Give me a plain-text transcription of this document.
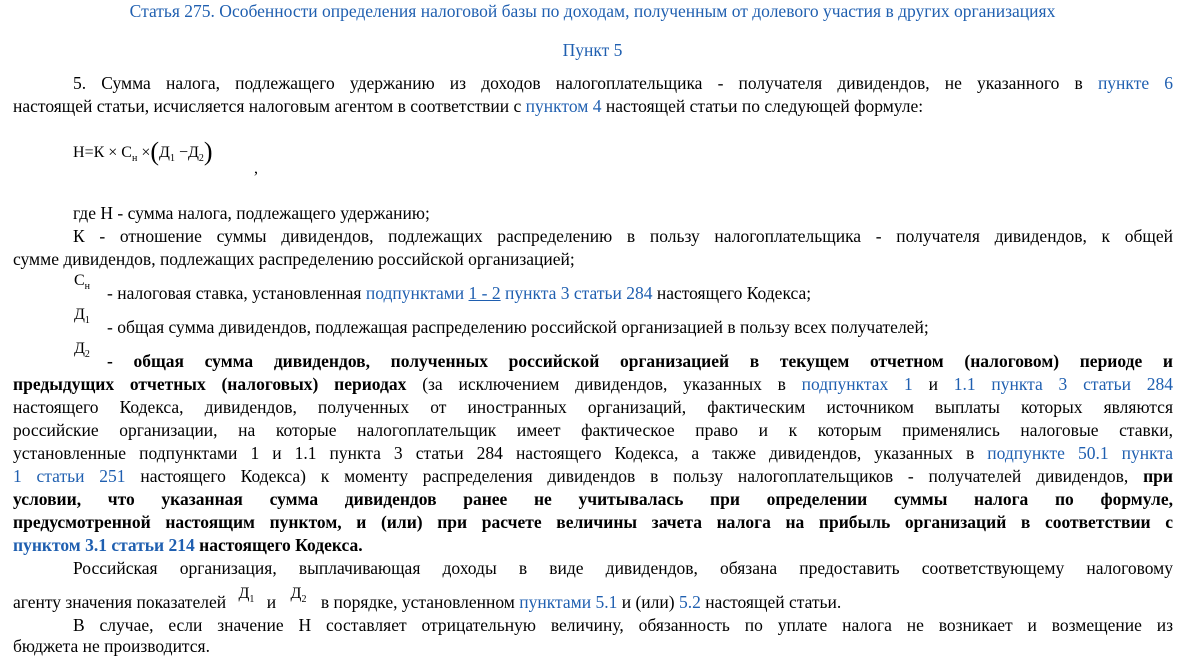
Статья 275. Особенности определения налоговой базы по доходам, полученным от долевого участия в других организациях
Пункт 5
5. Сумма налога, подлежащего удержанию из доходов налогоплательщика - получателя дивидендов, не указанного в пункте 6
настоящей статьи, исчисляется налоговым агентом в соответствии с пунктом 4 настоящей статьи по следующей формуле:
$Н=К \times С_н \times(Д_1 -Д_2)$
,
где Н - сумма налога, подлежащего удержанию;
К - отношение суммы дивидендов, подлежащих распределению в пользу налогоплательщика - получателя дивидендов, к общей
сумме дивидендов, подлежащих распределению российской организацией;
$С_н$ - налоговая ставка, установленная подпунктами 1 - 2 пункта 3 статьи 284 настоящего Кодекса;
$Д_1$ - общая сумма дивидендов, подлежащая распределению российской организацией в пользу всех получателей;
$Д_2$ - общая сумма дивидендов, полученных российской организацией в текущем отчетном (налоговом) периоде и
предыдущих отчетных (налоговых) периодах (за исключением дивидендов, указанных в подпунктах 1 и 1.1 пункта 3 статьи 284
настоящего Кодекса, дивидендов, полученных от иностранных организаций, фактическим источником выплаты которых являются
российские организации, на которые налогоплательщик имеет фактическое право и к которым применялись налоговые ставки,
установленные подпунктами 1 и 1.1 пункта 3 статьи 284 настоящего Кодекса, а также дивидендов, указанных в подпункте 50.1 пункта
1 статьи 251 настоящего Кодекса) к моменту распределения дивидендов в пользу налогоплательщиков - получателей дивидендов, при
условии, что указанная сумма дивидендов ранее не учитывалась при определении суммы налога по формуле,
предусмотренной настоящим пунктом, и (или) при расчете величины зачета налога на прибыль организаций в соответствии с
пунктом 3.1 статьи 214 настоящего Кодекса.
Российская организация, выплачивающая доходы в виде дивидендов, обязана предоставить соответствующему налоговому
агенту значения показателей $Д_1$ и $Д_2$ в порядке, установленном пунктами 5.1 и (или) 5.2 настоящей статьи.
В случае, если значение Н составляет отрицательную величину, обязанность по уплате налога не возникает и возмещение из
бюджета не производится.
